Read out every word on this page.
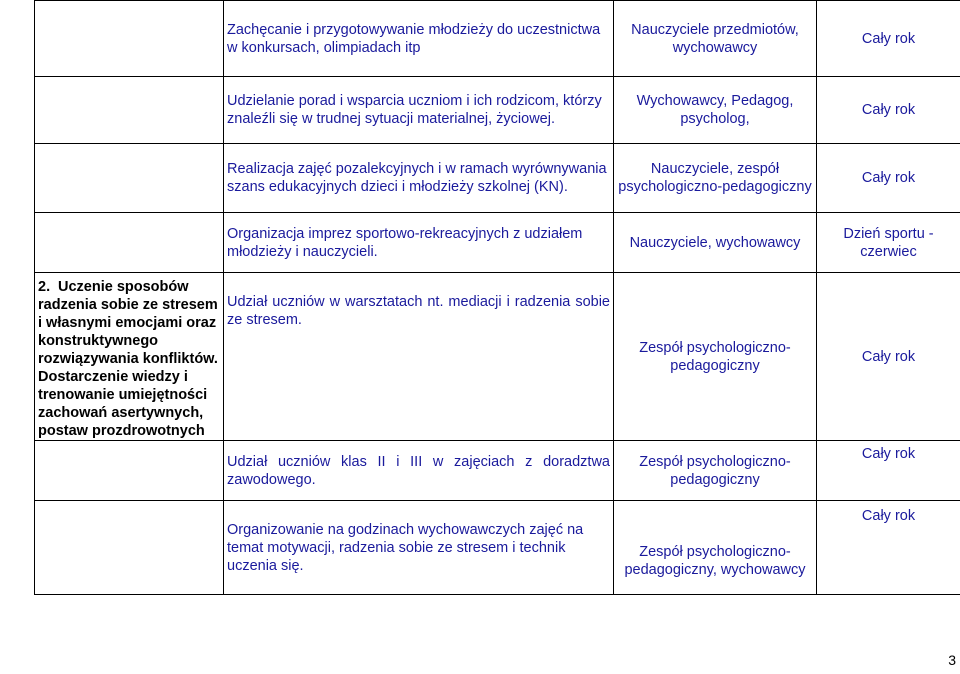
	Zachęcanie i przygotowywanie młodzieży do uczestnictwa w konkursach, olimpiadach itp	Nauczyciele przedmiotów, wychowawcy	Cały rok
	Udzielanie porad i wsparcia uczniom i ich rodzicom, którzy znaleźli się w trudnej sytuacji materialnej, życiowej.	Wychowawcy, Pedagog, psycholog,	Cały rok
	Realizacja zajęć pozalekcyjnych i w ramach wyrównywania szans edukacyjnych dzieci i młodzieży szkolnej (KN).	Nauczyciele, zespół psychologiczno-pedagogiczny	Cały rok
	Organizacja imprez sportowo-rekreacyjnych z udziałem młodzieży i nauczycieli.	Nauczyciele, wychowawcy	Dzień sportu - czerwiec
2. Uczenie sposobów radzenia sobie ze stresem i własnymi emocjami oraz konstruktywnego rozwiązywania konfliktów. Dostarczenie wiedzy i trenowanie umiejętności zachowań asertywnych, postaw prozdrowotnych	Udział uczniów w warsztatach nt. mediacji i radzenia sobie ze stresem.	Zespół psychologiczno-pedagogiczny	Cały rok
	Udział uczniów klas II i III w zajęciach z doradztwa zawodowego.	Zespół psychologiczno-pedagogiczny	Cały rok
	Organizowanie na godzinach wychowawczych zajęć na temat motywacji, radzenia sobie ze stresem i technik uczenia się.	Zespół psychologiczno-pedagogiczny, wychowawcy	Cały rok
3
